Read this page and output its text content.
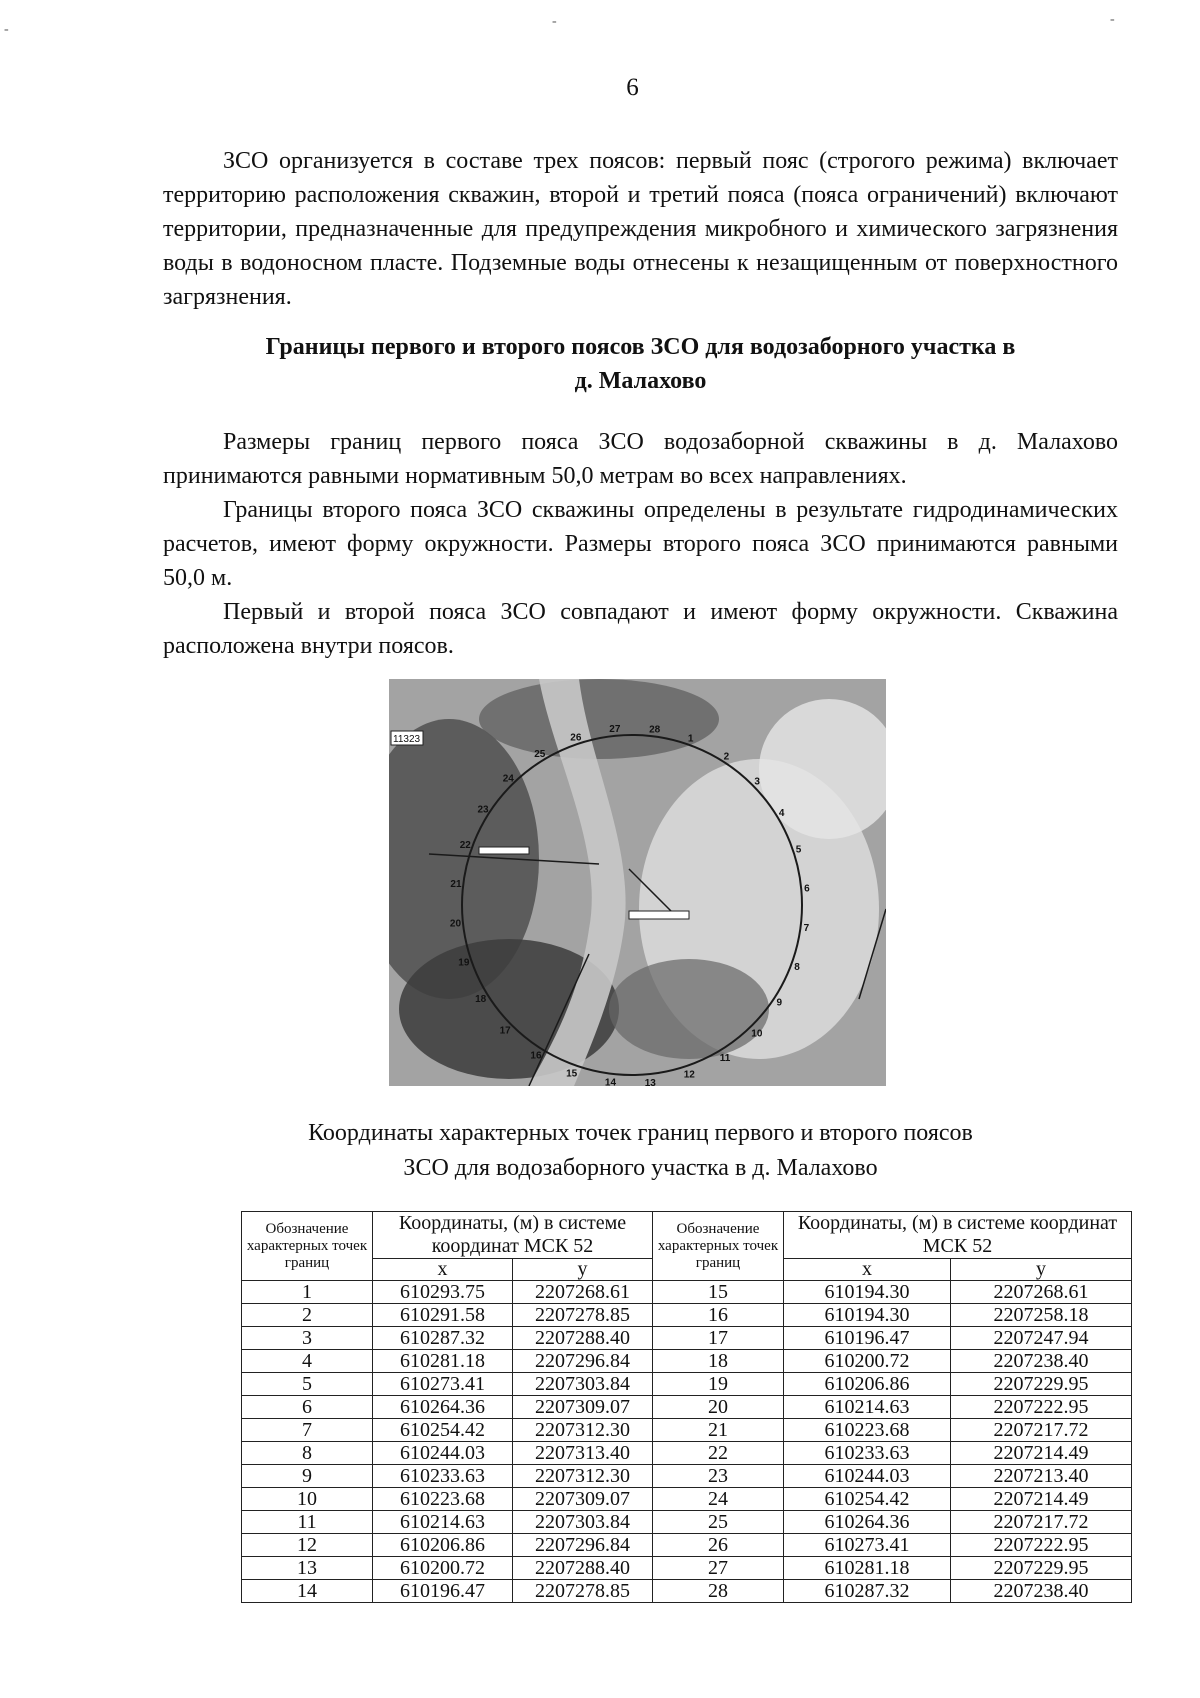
-
-	-
6

ЗСО организуется в составе трех поясов: первый пояс (строгого режима) включает территорию расположения скважин, второй и третий пояса (пояса ограничений) включают территории, предназначенные для предупреждения микробного и химического загрязнения воды в водоносном пласте. Подземные воды отнесены к незащищенным от поверхностного загрязнения.

Границы первого и второго поясов ЗСО для водозаборного участка в
д. Малахово

Размеры границ первого пояса ЗСО водозаборной скважины в д. Малахово принимаются равными нормативным 50,0 метрам во всех направлениях.

Границы второго пояса ЗСО скважины определены в результате гидродинамических расчетов, имеют форму окружности. Размеры второго пояса ЗСО принимаются равными 50,0 м.

Первый и второй пояса ЗСО совпадают и имеют форму окружности. Скважина расположена внутри поясов.

11323	1
2
3
4
5
6
7
8
9
10
11
12
13
14
15
16
17
18
19
20
21
22
23
24
25
26
27	28
Координаты характерных точек границ первого и второго поясов
ЗСО для водозаборного участка в д. Малахово
Обозначение характерных точек границ	Координаты, (м) в системе координат МСК 52		Обозначение характерных точек границ	Координаты, (м) в системе координат МСК 52	
	x	y		x	y
1	610293.75	2207268.61	15	610194.30	2207268.61
2	610291.58	2207278.85	16	610194.30	2207258.18
3	610287.32	2207288.40	17	610196.47	2207247.94
4	610281.18	2207296.84	18	610200.72	2207238.40
5	610273.41	2207303.84	19	610206.86	2207229.95
6	610264.36	2207309.07	20	610214.63	2207222.95
7	610254.42	2207312.30	21	610223.68	2207217.72
8	610244.03	2207313.40	22	610233.63	2207214.49
9	610233.63	2207312.30	23	610244.03	2207213.40
10	610223.68	2207309.07	24	610254.42	2207214.49
11	610214.63	2207303.84	25	610264.36	2207217.72
12	610206.86	2207296.84	26	610273.41	2207222.95
13	610200.72	2207288.40	27	610281.18	2207229.95
14	610196.47	2207278.85	28	610287.32	2207238.40
